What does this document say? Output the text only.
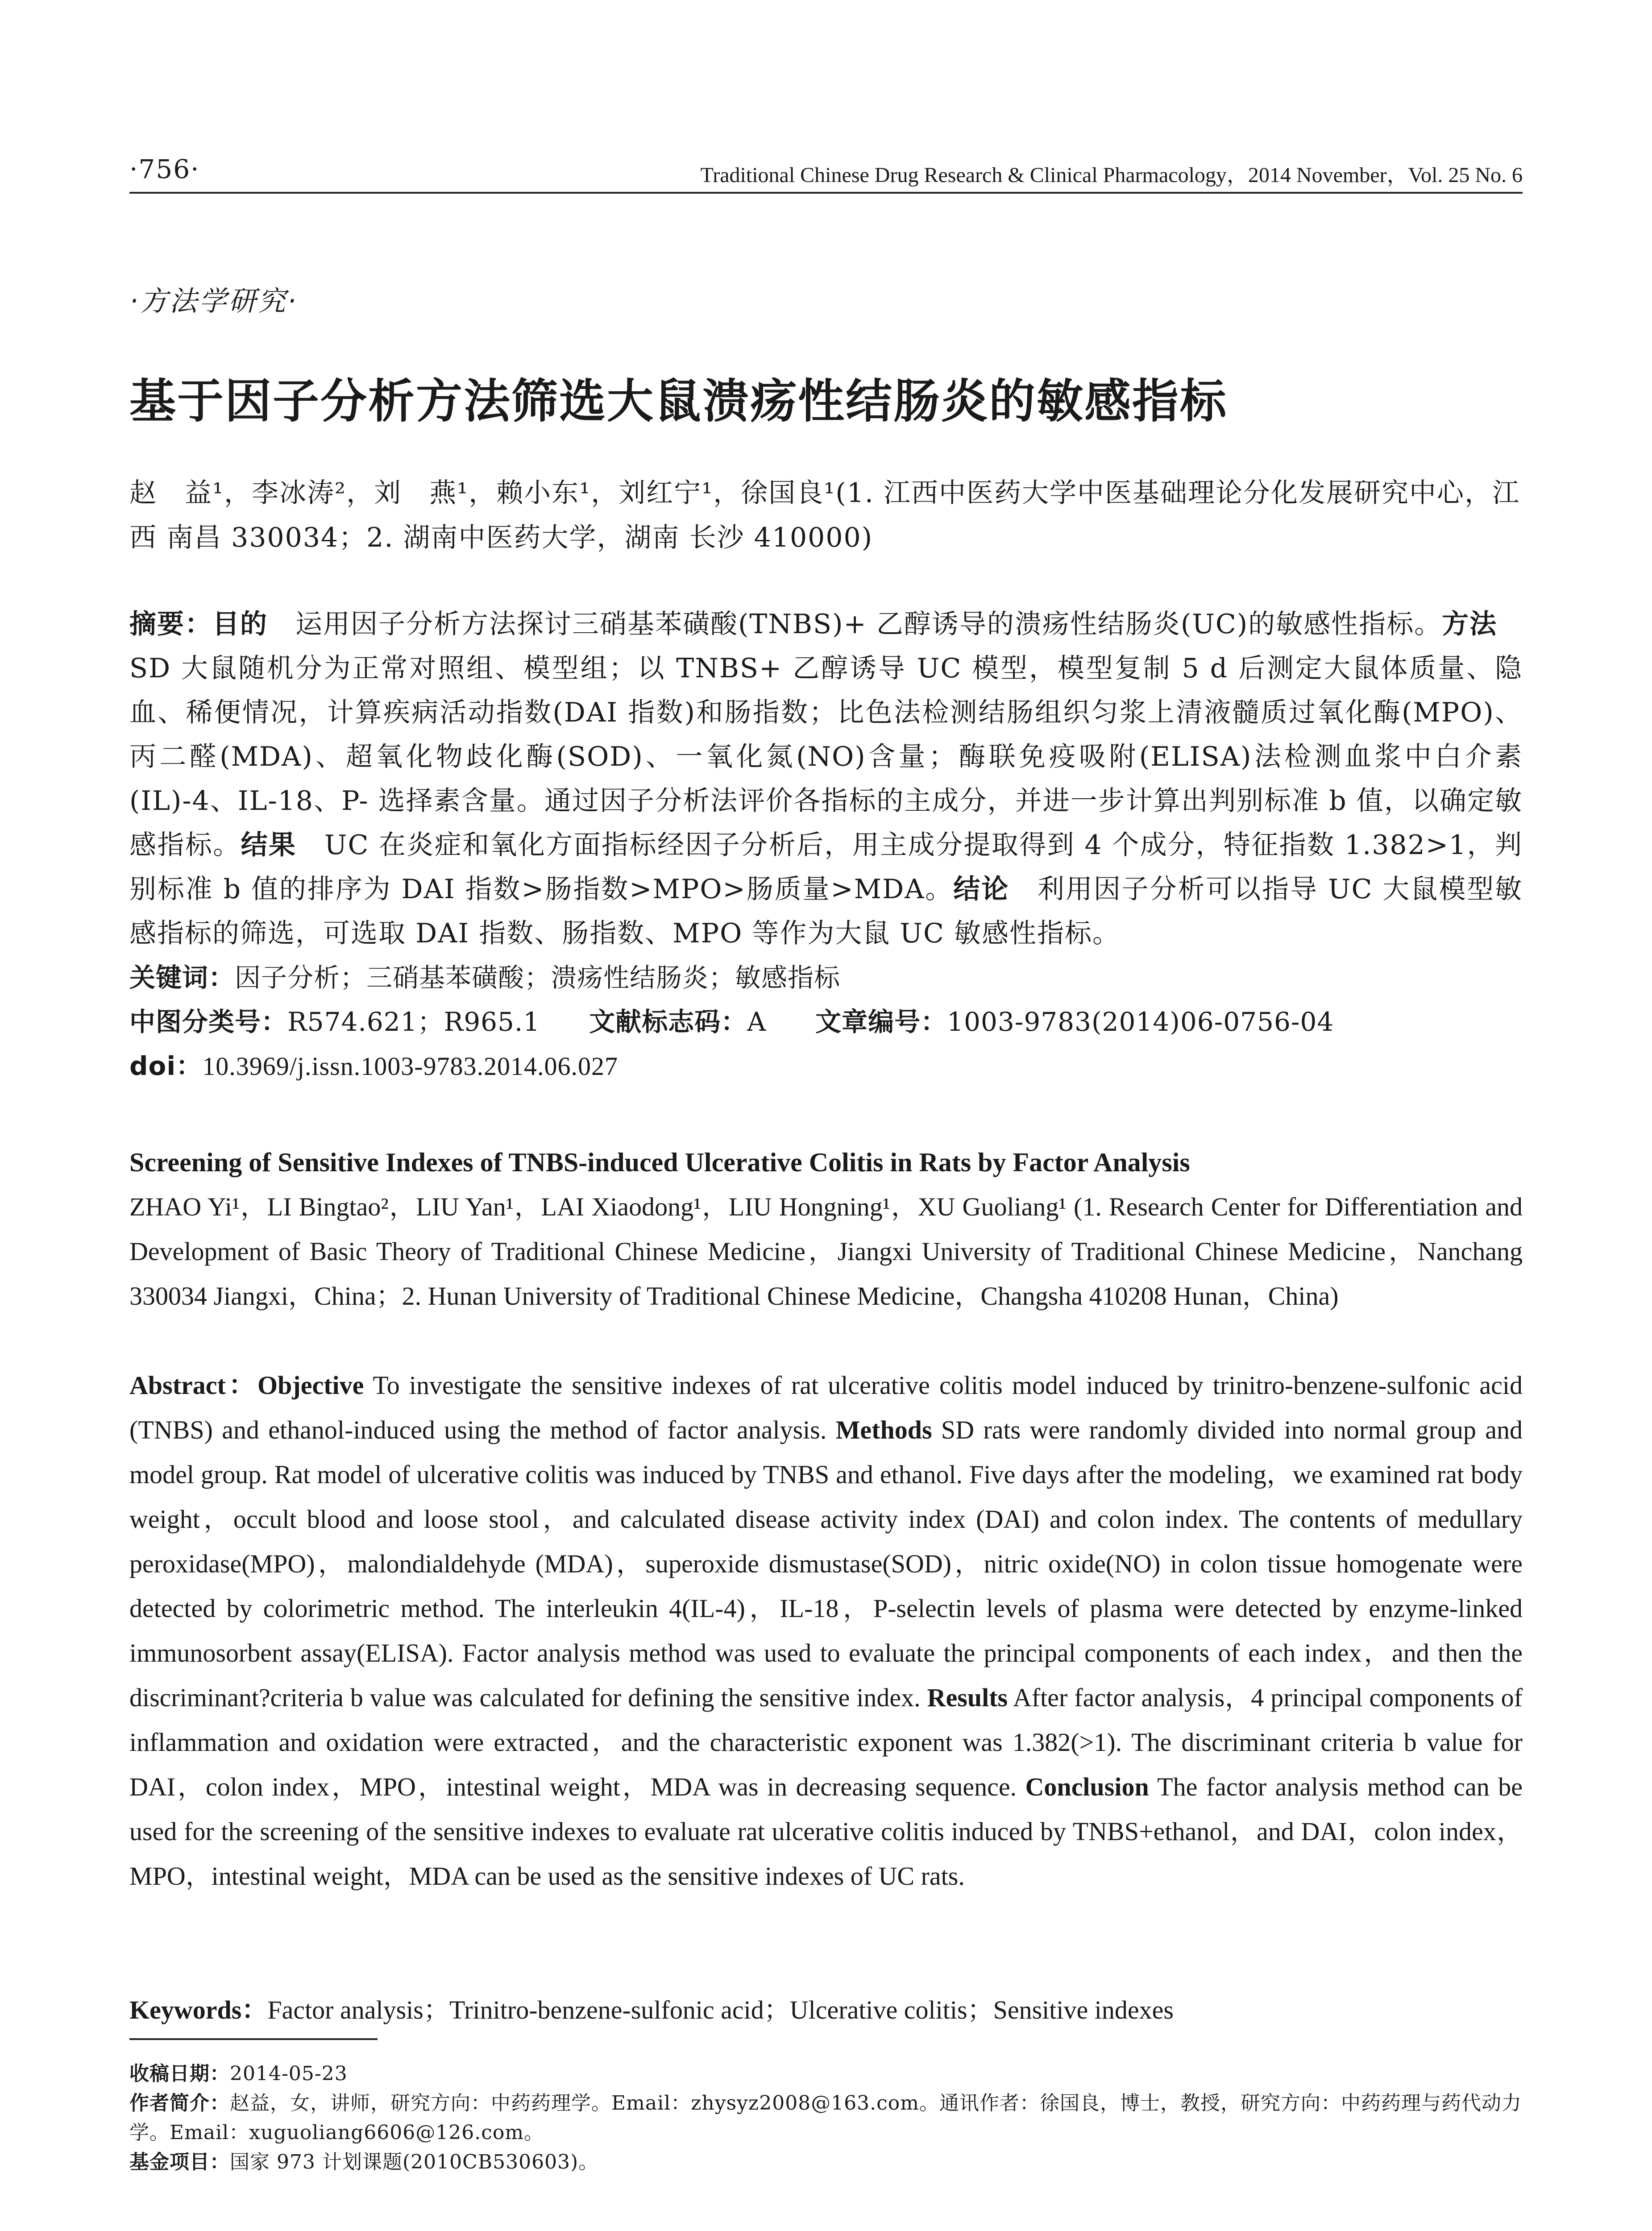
·756·	Traditional Chinese Drug Research & Clinical Pharmacology，2014 November，Vol. 25 No. 6
·方法学研究·
基于因子分析方法筛选大鼠溃疡性结肠炎的敏感指标
赵　益¹，李冰涛²，刘　燕¹，赖小东¹，刘红宁¹，徐国良¹(1. 江西中医药大学中医基础理论分化发展研究中心，江西 南昌 330034；2. 湖南中医药大学，湖南 长沙 410000)
摘要：目的　运用因子分析方法探讨三硝基苯磺酸(TNBS)+ 乙醇诱导的溃疡性结肠炎(UC)的敏感性指标。方法　SD 大鼠随机分为正常对照组、模型组；以 TNBS+ 乙醇诱导 UC 模型，模型复制 5 d 后测定大鼠体质量、隐血、稀便情况，计算疾病活动指数(DAI 指数)和肠指数；比色法检测结肠组织匀浆上清液髓质过氧化酶(MPO)、丙二醛(MDA)、超氧化物歧化酶(SOD)、一氧化氮(NO)含量；酶联免疫吸附(ELISA)法检测血浆中白介素 (IL)-4、IL-18、P- 选择素含量。通过因子分析法评价各指标的主成分，并进一步计算出判别标准 b 值，以确定敏感指标。结果　UC 在炎症和氧化方面指标经因子分析后，用主成分提取得到 4 个成分，特征指数 1.382>1，判别标准 b 值的排序为 DAI 指数>肠指数>MPO>肠质量>MDA。结论　利用因子分析可以指导 UC 大鼠模型敏感指标的筛选，可选取 DAI 指数、肠指数、MPO 等作为大鼠 UC 敏感性指标。
关键词：因子分析；三硝基苯磺酸；溃疡性结肠炎；敏感指标
中图分类号：R574.621；R965.1 文献标志码：A 文章编号：1003-9783(2014)06-0756-04
doi：10.3969/j.issn.1003-9783.2014.06.027
Screening of Sensitive Indexes of TNBS-induced Ulcerative Colitis in Rats by Factor Analysis
ZHAO Yi¹，LI Bingtao²，LIU Yan¹，LAI Xiaodong¹，LIU Hongning¹，XU Guoliang¹ (1. Research Center for Differentiation and Development of Basic Theory of Traditional Chinese Medicine，Jiangxi University of Traditional Chinese Medicine，Nanchang 330034 Jiangxi，China；2. Hunan University of Traditional Chinese Medicine，Changsha 410208 Hunan，China)
Abstract：Objective To investigate the sensitive indexes of rat ulcerative colitis model induced by trinitro-benzene-sulfonic acid (TNBS) and ethanol-induced using the method of factor analysis. Methods SD rats were randomly divided into normal group and model group. Rat model of ulcerative colitis was induced by TNBS and ethanol. Five days after the modeling，we examined rat body weight，occult blood and loose stool，and calculated disease activity index (DAI) and colon index. The contents of medullary peroxidase(MPO)，malondialdehyde (MDA)，superoxide dismustase(SOD)，nitric oxide(NO) in colon tissue homogenate were detected by colorimetric method. The interleukin 4(IL-4)，IL-18，P-selectin levels of plasma were detected by enzyme-linked immunosorbent assay(ELISA). Factor analysis method was used to evaluate the principal components of each index，and then the discriminant?criteria b value was calculated for defining the sensitive index. Results After factor analysis，4 principal components of inflammation and oxidation were extracted，and the characteristic exponent was 1.382(>1). The discriminant criteria b value for DAI，colon index，MPO，intestinal weight，MDA was in decreasing sequence. Conclusion The factor analysis method can be used for the screening of the sensitive indexes to evaluate rat ulcerative colitis induced by TNBS+ethanol，and DAI，colon index，MPO，intestinal weight，MDA can be used as the sensitive indexes of UC rats.
Keywords：Factor analysis；Trinitro-benzene-sulfonic acid；Ulcerative colitis；Sensitive indexes
收稿日期：2014-05-23
作者简介：赵益，女，讲师，研究方向：中药药理学。Email：zhysyz2008@163.com。通讯作者：徐国良，博士，教授，研究方向：中药药理与药代动力学。Email：xuguoliang6606@126.com。
基金项目：国家 973 计划课题(2010CB530603)。
